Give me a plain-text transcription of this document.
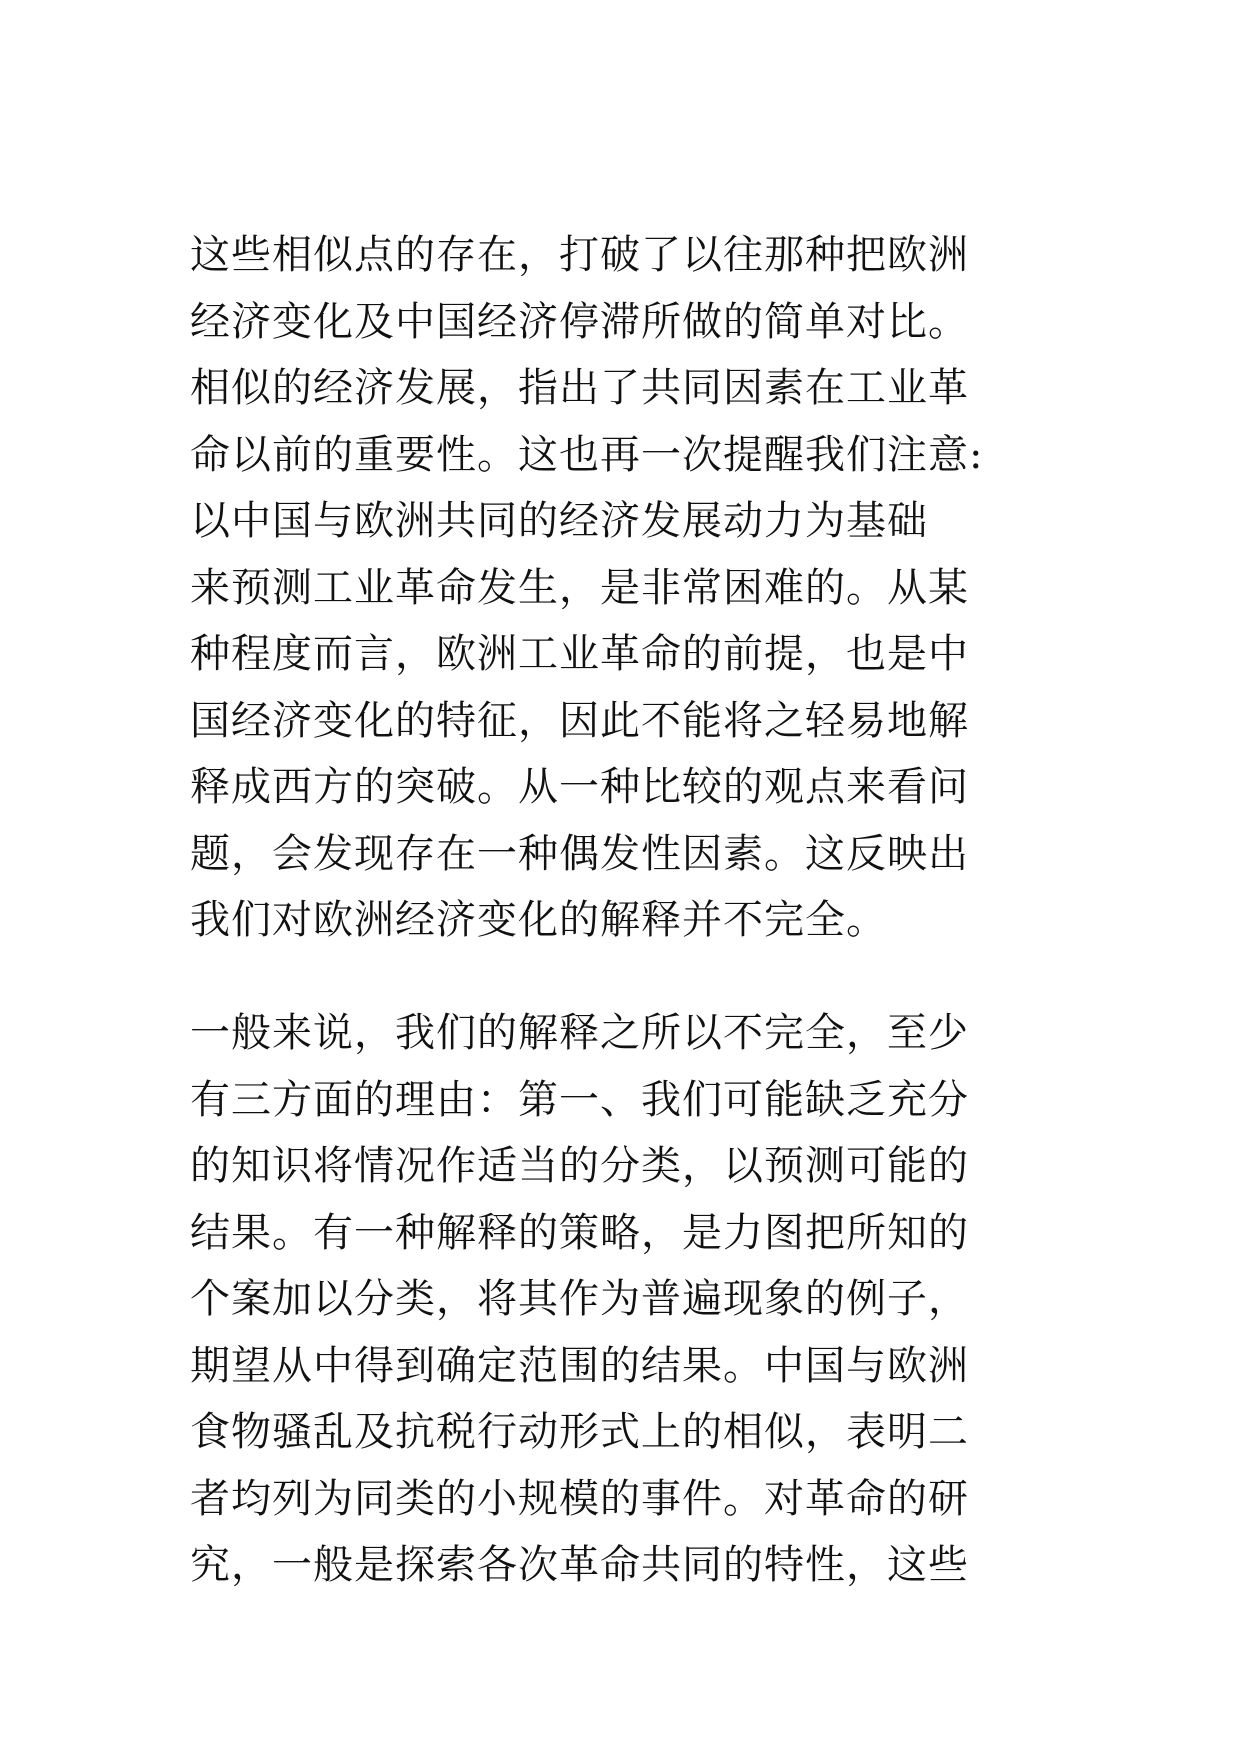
这些相似点的存在，打破了以往那种把欧洲
经济变化及中国经济停滞所做的简单对比。
相似的经济发展，指出了共同因素在工业革
命以前的重要性。这也再一次提醒我们注意:
以中国与欧洲共同的经济发展动力为基础
来预测工业革命发生，是非常困难的。从某
种程度而言，欧洲工业革命的前提，也是中
国经济变化的特征，因此不能将之轻易地解
释成西方的突破。从一种比较的观点来看问
题，会发现存在一种偶发性因素。这反映出
我们对欧洲经济变化的解释并不完全。
一般来说，我们的解释之所以不完全，至少
有三方面的理由：第一、我们可能缺乏充分
的知识将情况作适当的分类，以预测可能的
结果。有一种解释的策略，是力图把所知的
个案加以分类，将其作为普遍现象的例子，
期望从中得到确定范围的结果。中国与欧洲
食物骚乱及抗税行动形式上的相似，表明二
者均列为同类的小规模的事件。对革命的研
究，一般是探索各次革命共同的特性，这些
